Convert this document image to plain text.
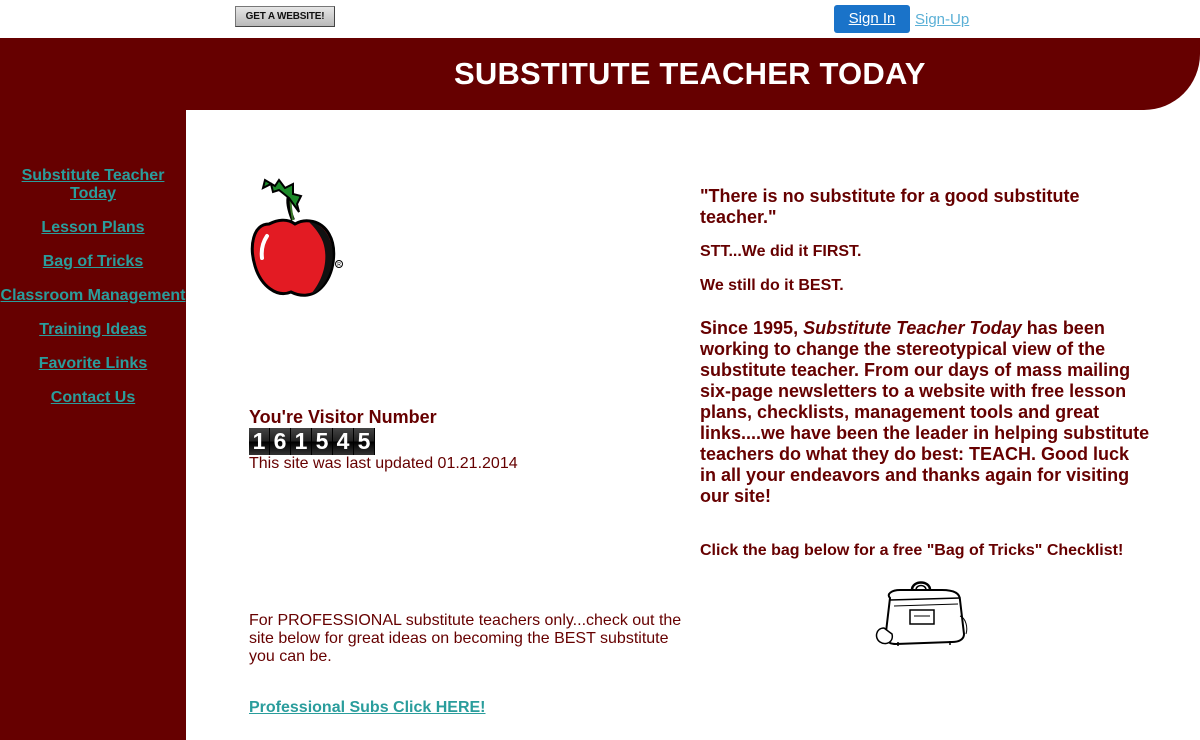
GET A WEBSITE!	Sign In	Sign-Up
SUBSTITUTE TEACHER TODAY
Substitute Teacher Today
Lesson Plans
Bag of Tricks
Classroom Management
Training Ideas
Favorite Links
Contact Us
R
You're Visitor Number
1 6 1 5 4 5
This site was last updated 01.21.2014
For PROFESSIONAL substitute teachers only...check out the site below for great ideas on becoming the BEST substitute you can be.
Professional Subs Click HERE!
"There is no substitute for a good substitute teacher."
STT...We did it FIRST.
We still do it BEST.
Since 1995, Substitute Teacher Today has been working to change the stereotypical view of the substitute teacher. From our days of mass mailing six-page newsletters to a website with free lesson plans, checklists, management tools and great links....we have been the leader in helping substitute teachers do what they do best: TEACH. Good luck in all your endeavors and thanks again for visiting our site!
Click the bag below for a free "Bag of Tricks" Checklist!
